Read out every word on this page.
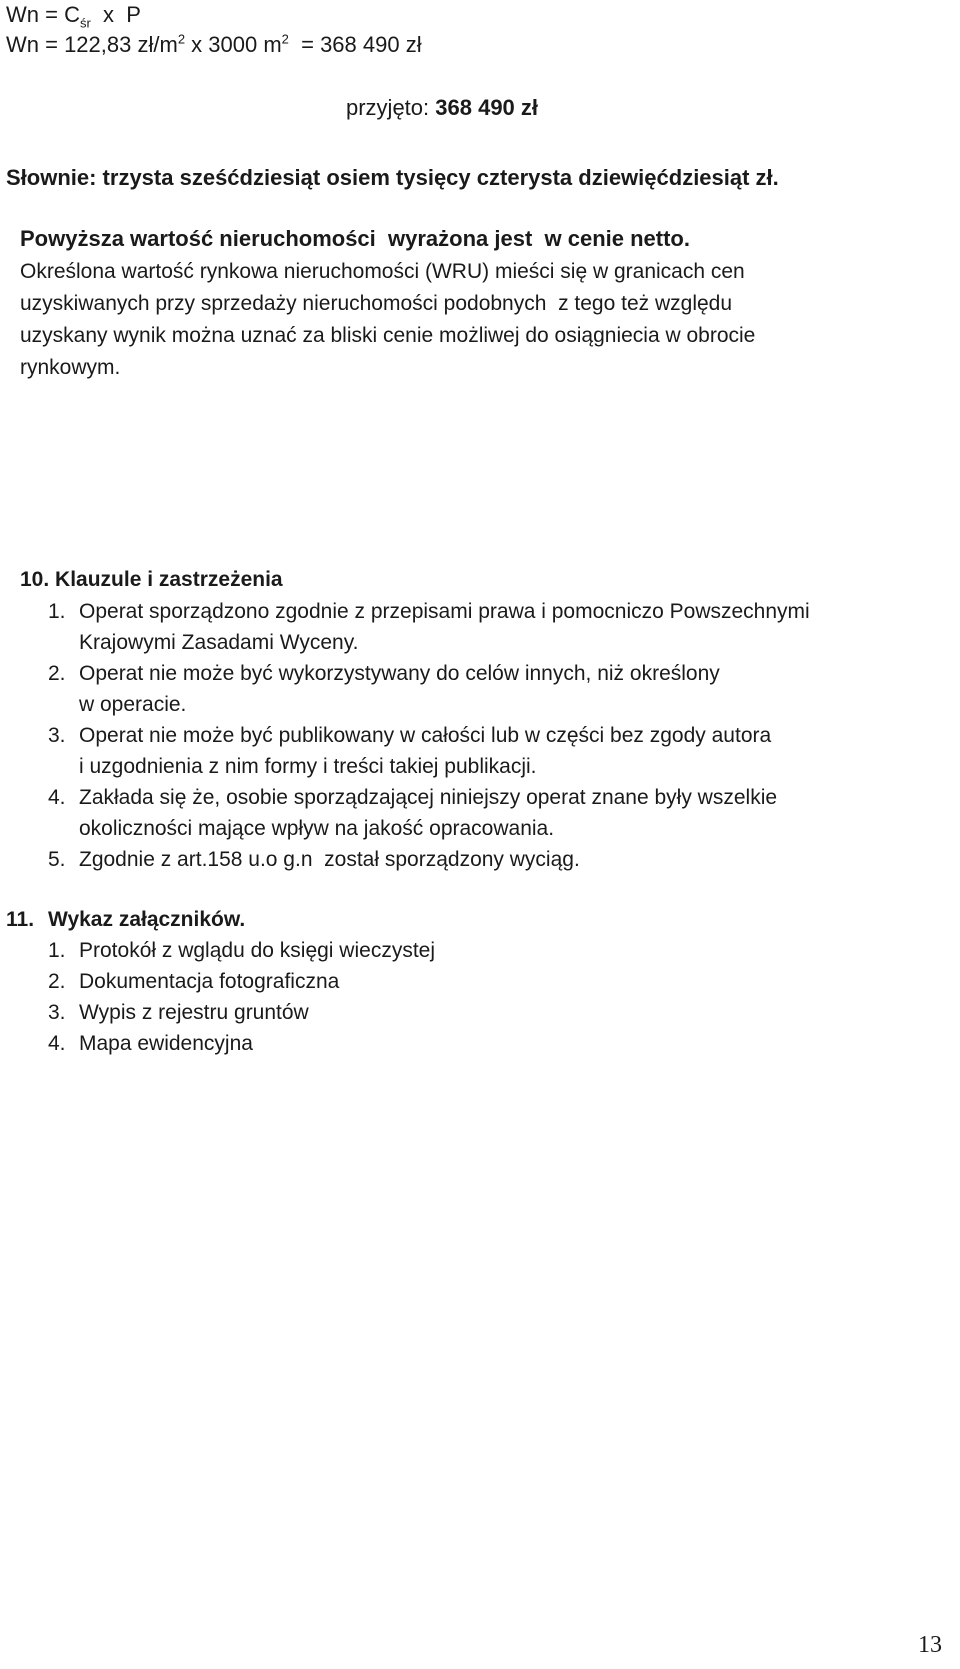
$Wn = C_{śr}$  x  P
Wn = 122,83 $zł/m^2$ x 3000 $m^2 = 368$ 490 zł
przyjęto: 368 490 zł
Słownie: trzysta sześćdziesiąt osiem tysięcy czterysta dziewięćdziesiąt zł.
Powyższa wartość nieruchomości  wyrażona jest  w cenie netto.
Określona wartość rynkowa nieruchomości (WRU) mieści się w granicach cen
uzyskiwanych przy sprzedaży nieruchomości podobnych  z tego też względu
uzyskany wynik można uznać za bliski cenie możliwej do osiągniecia w obrocie
rynkowym.
10. Klauzule i zastrzeżenia
1. Operat sporządzono zgodnie z przepisami prawa i pomocniczo Powszechnymi
Krajowymi Zasadami Wyceny.
2. Operat nie może być wykorzystywany do celów innych, niż określony
w operacie.
3. Operat nie może być publikowany w całości lub w części bez zgody autora
i uzgodnienia z nim formy i treści takiej publikacji.
4. Zakłada się że, osobie sporządzającej niniejszy operat znane były wszelkie
okoliczności mające wpływ na jakość opracowania.
5. Zgodnie z art.158 u.o g.n  został sporządzony wyciąg.
11. Wykaz załączników.
1. Protokół z wglądu do księgi wieczystej
2. Dokumentacja fotograficzna
3. Wypis z rejestru gruntów
4. Mapa ewidencyjna
13
